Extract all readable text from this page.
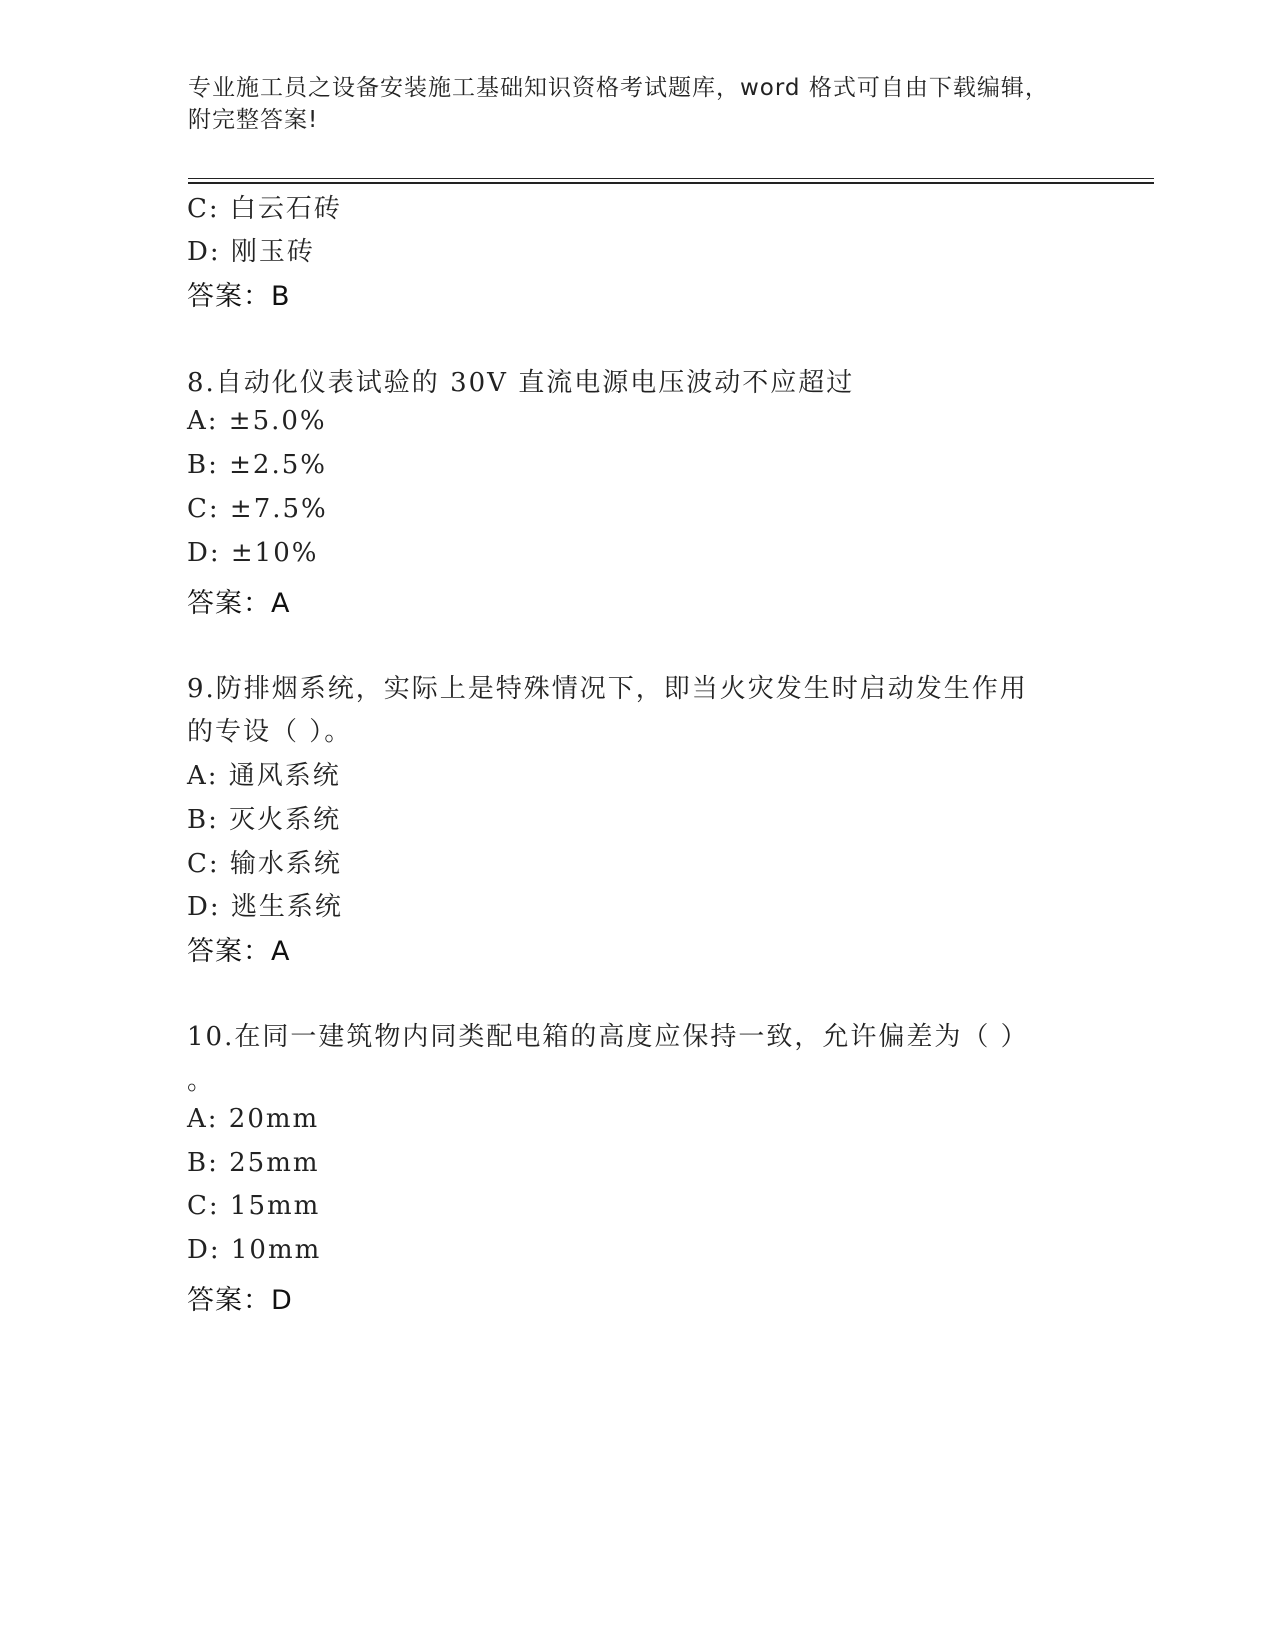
专业施工员之设备安装施工基础知识资格考试题库，word 格式可自由下载编辑，
附完整答案!
C: 白云石砖
D: 刚玉砖
答案：B
8.自动化仪表试验的 30V 直流电源电压波动不应超过
A: ±5.0%
B: ±2.5%
C: ±7.5%
D: ±10%
答案：A
9.防排烟系统，实际上是特殊情况下，即当火灾发生时启动发生作用
的专设（ ）。
A: 通风系统
B: 灭火系统
C: 输水系统
D: 逃生系统
答案：A
10.在同一建筑物内同类配电箱的高度应保持一致，允许偏差为（ ）
。
A: 20mm
B: 25mm
C: 15mm
D: 10mm
答案：D
